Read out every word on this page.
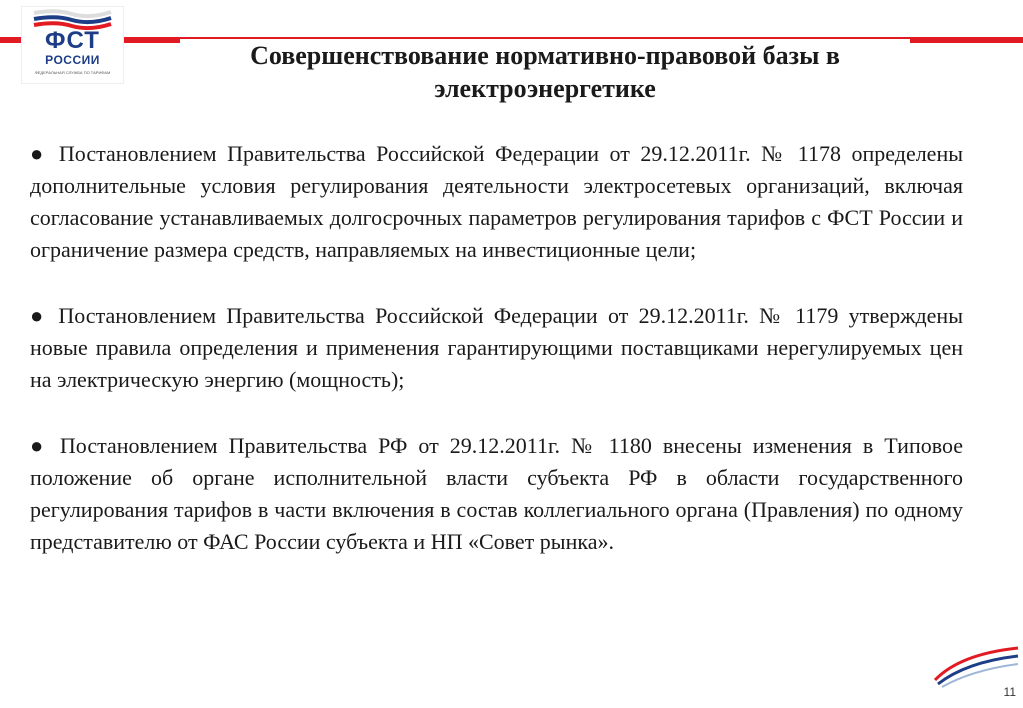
ФСТ
РОССИИ
ФЕДЕРАЛЬНАЯ СЛУЖБА ПО ТАРИФАМ
Совершенствование нормативно-правовой базы в электроэнергетике

● Постановлением Правительства Российской Федерации от 29.12.2011г. № 1178 определены дополнительные условия регулирования деятельности электросетевых организаций, включая согласование устанавливаемых долгосрочных параметров регулирования тарифов с ФСТ России и ограничение размера средств, направляемых на инвестиционные цели;

● Постановлением Правительства Российской Федерации от 29.12.2011г. № 1179 утверждены новые правила определения и применения гарантирующими поставщиками нерегулируемых цен на электрическую энергию (мощность);

● Постановлением Правительства РФ от 29.12.2011г. № 1180 внесены изменения в Типовое положение об органе исполнительной власти субъекта РФ в области государственного регулирования тарифов в части включения в состав коллегиального органа (Правления) по одному представителю от ФАС России субъекта и НП «Совет рынка».

11
